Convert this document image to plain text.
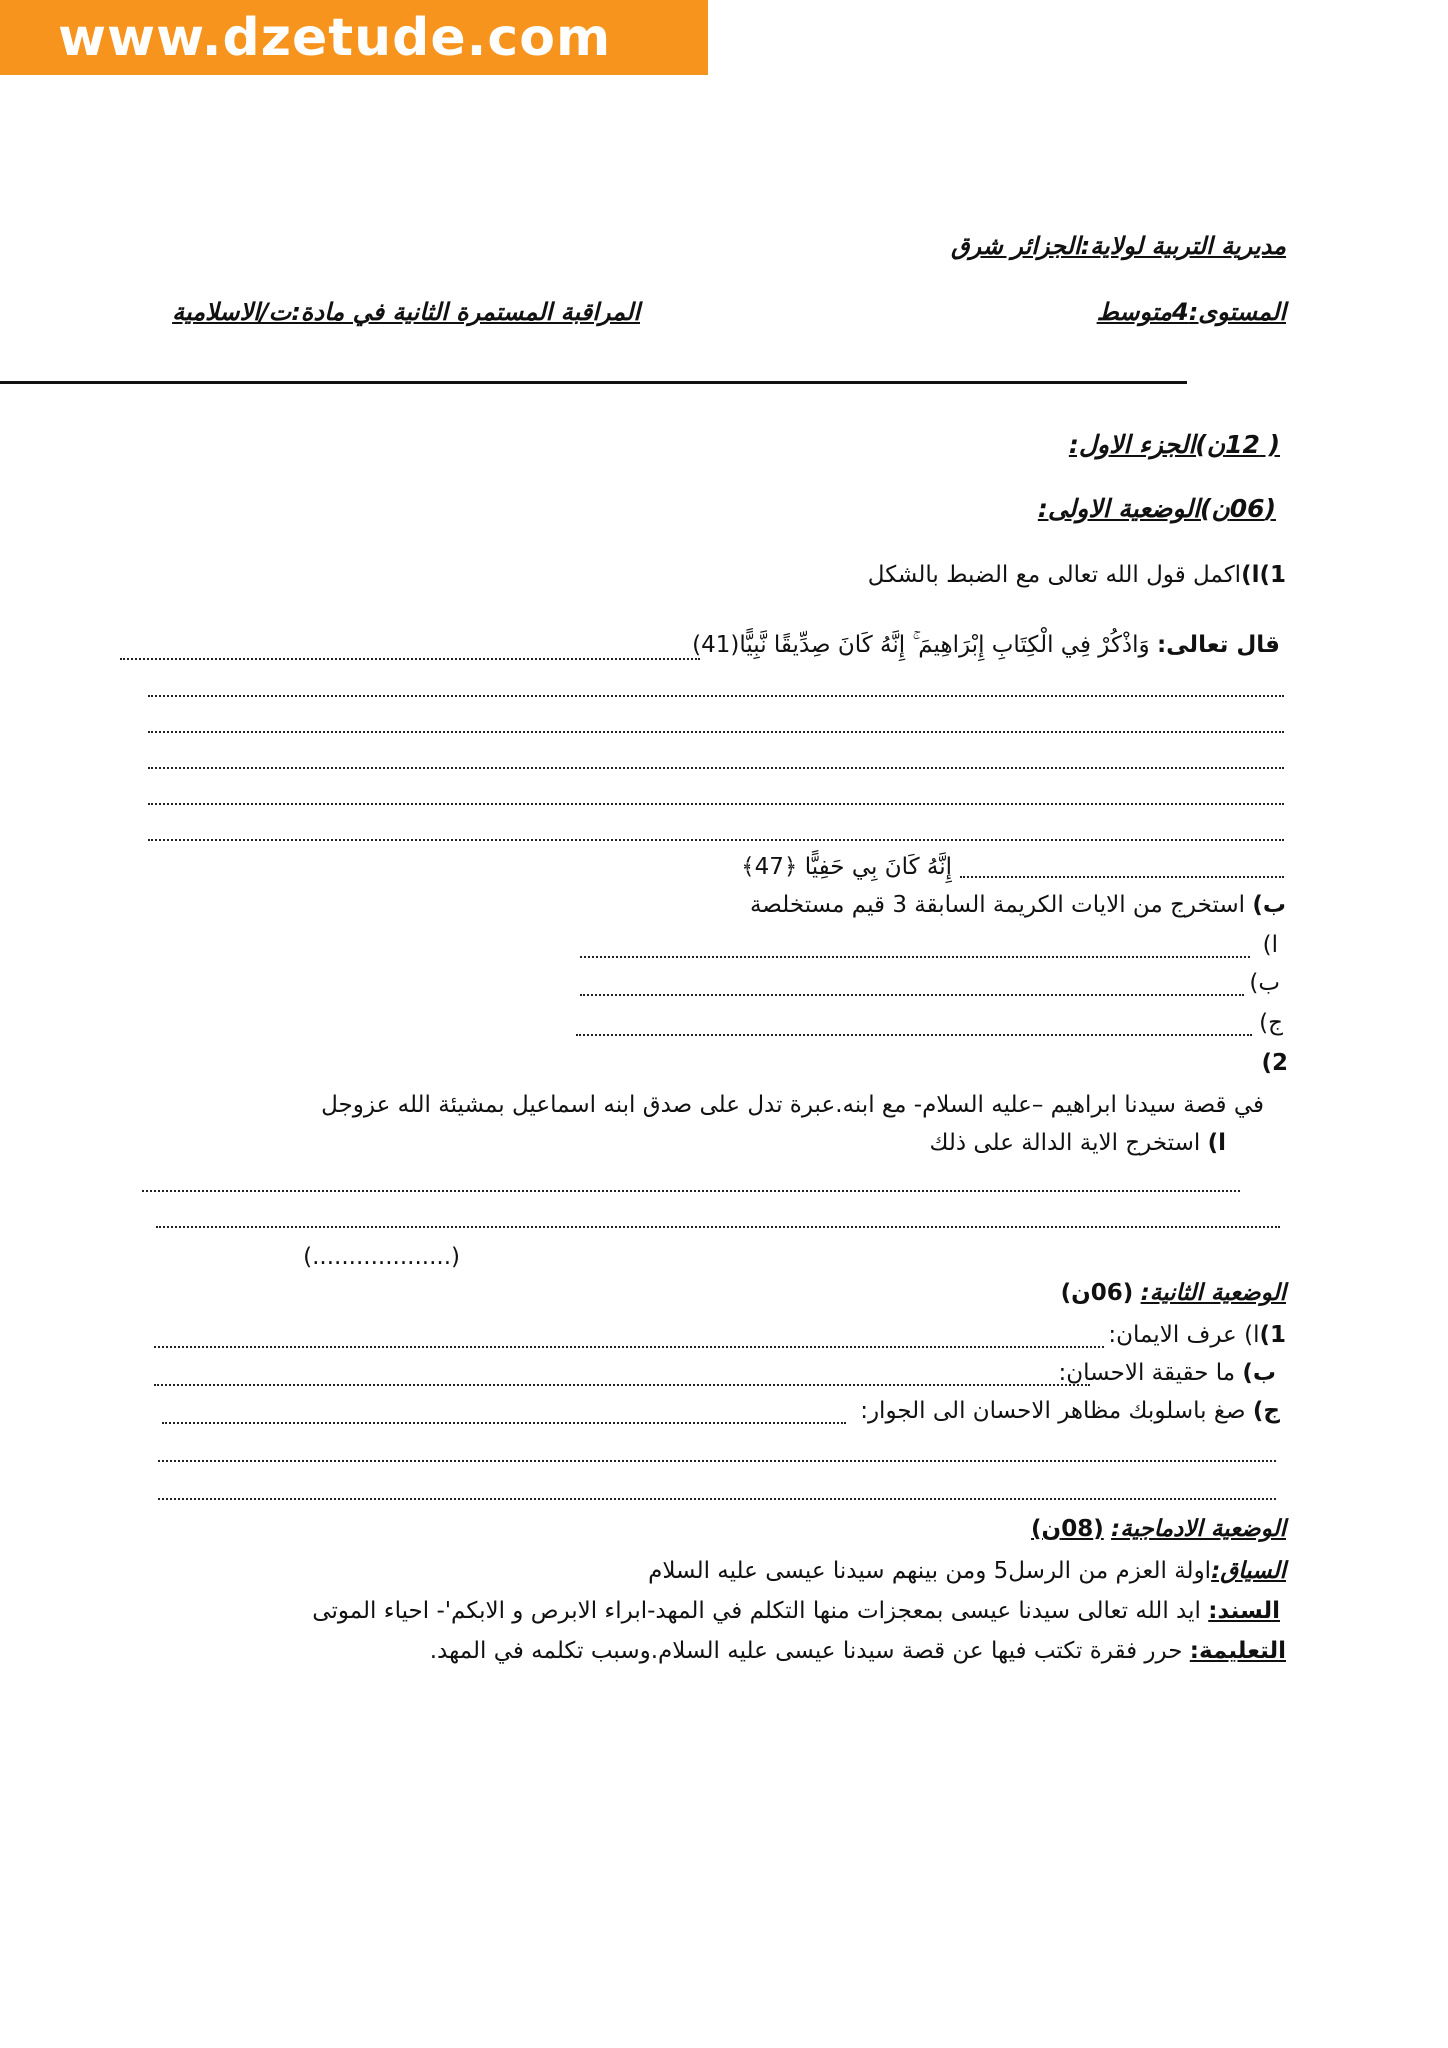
www.dzetude.com
مديرية التربية لولاية:الجزائر شرق
المستوى:4متوسط
المراقبة المستمرة الثانية في مادة:ت/الاسلامية
( 12ن)الجزء الاول:
(06ن)الوضعية الاولى:
1)ا)اكمل قول الله تعالى مع الضبط بالشكل
قال تعالى: وَاذْكُرْ فِي الْكِتَابِ إِبْرَاهِيمَ ۚ إِنَّهُ كَانَ صِدِّيقًا نَّبِيًّا(41)
إِنَّهُ كَانَ بِي حَفِيًّا ﴿47﴾
ب) استخرج من الايات الكريمة السابقة 3 قيم مستخلصة
ا)
ب)
ج)
2)
في قصة سيدنا ابراهيم –عليه السلام- مع ابنه.عبرة تدل على صدق ابنه اسماعيل بمشيئة الله عزوجل
ا) استخرج الاية الدالة على ذلك
(...................)
الوضعية الثانية: (06ن)
1)ا) عرف الايمان:
ب) ما حقيقة الاحسان:
ج) صغ باسلوبك مظاهر الاحسان الى الجوار:
الوضعية الادماجية: (08ن)
السياق:اولة العزم من الرسل5 ومن بينهم سيدنا عيسى عليه السلام
السند: ايد الله تعالى سيدنا عيسى بمعجزات منها التكلم في المهد-ابراء الابرص و الابكم'- احياء الموتى
التعليمة: حرر فقرة تكتب فيها عن قصة سيدنا عيسى عليه السلام.وسبب تكلمه في المهد.
